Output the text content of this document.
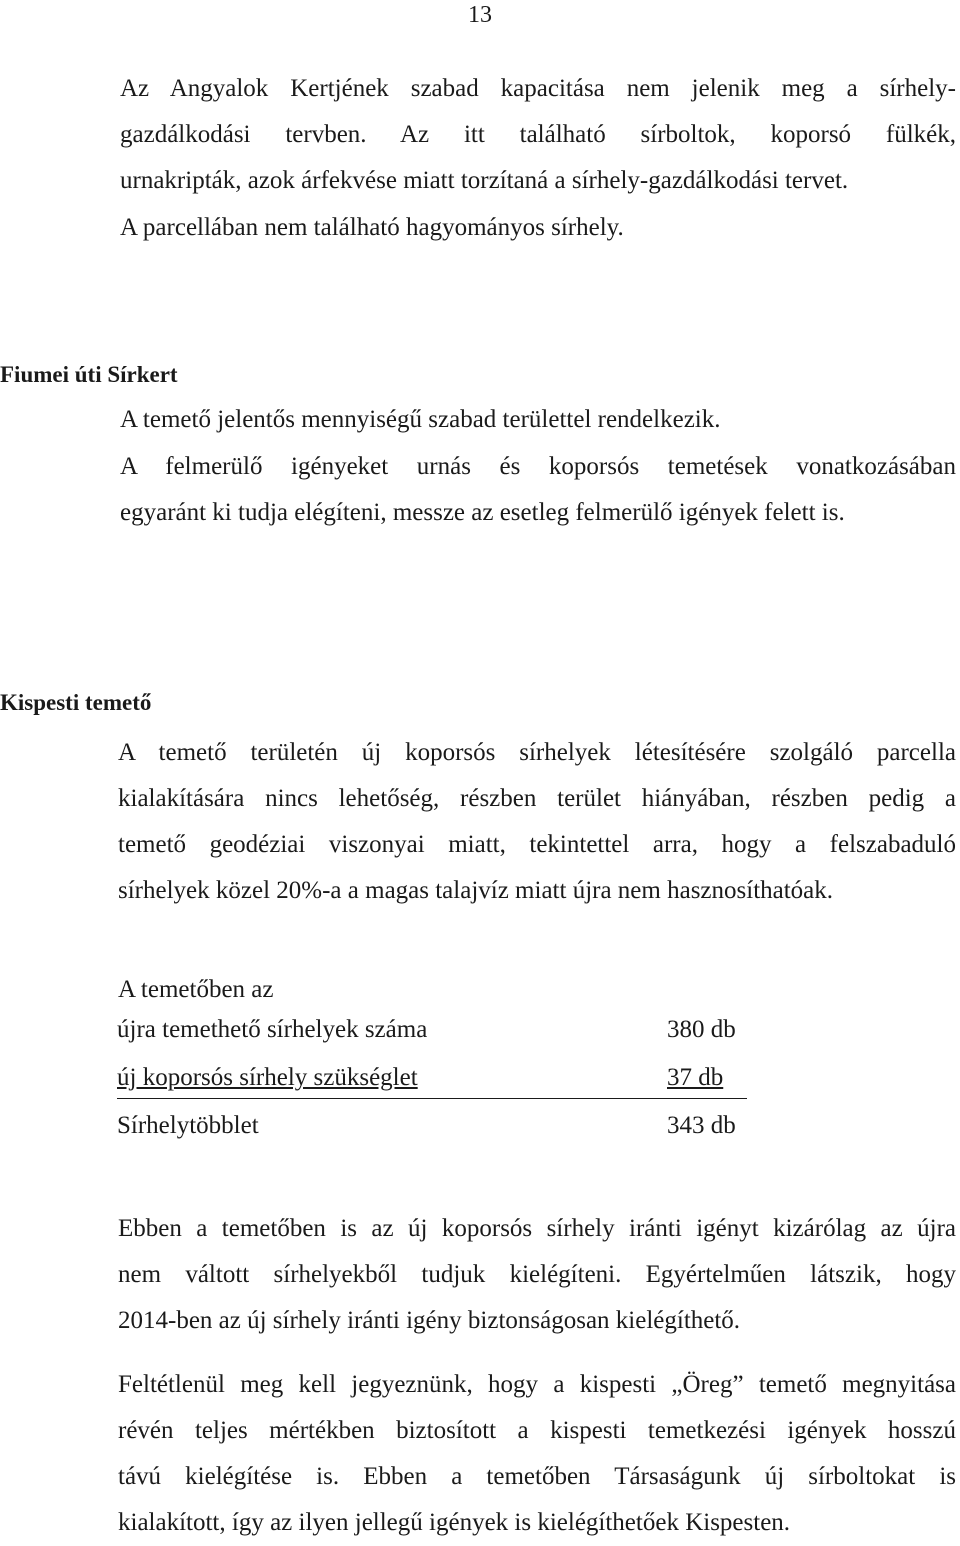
13
Az Angyalok Kertjének szabad kapacitása nem jelenik meg a sírhely-
gazdálkodási tervben. Az itt található sírboltok, koporsó fülkék,
urnakripták, azok árfekvése miatt torzítaná a sírhely-gazdálkodási tervet.
A parcellában nem található hagyományos sírhely.
Fiumei úti Sírkert
A temető jelentős mennyiségű szabad területtel rendelkezik.
A felmerülő igényeket urnás és koporsós temetések vonatkozásában
egyaránt ki tudja elégíteni, messze az esetleg felmerülő igények felett is.
Kispesti temető
A temető területén új koporsós sírhelyek létesítésére szolgáló parcella
kialakítására nincs lehetőség, részben terület hiányában, részben pedig a
temető geodéziai viszonyai miatt, tekintettel arra, hogy a felszabaduló
sírhelyek közel 20%-a a magas talajvíz miatt újra nem hasznosíthatóak.
A temetőben az
újra temethető sírhelyek száma	380 db
új koporsós sírhely szükséglet	37 db
Sírhelytöbblet	343 db
Ebben a temetőben is az új koporsós sírhely iránti igényt kizárólag az újra
nem váltott sírhelyekből tudjuk kielégíteni. Egyértelműen látszik, hogy
2014-ben az új sírhely iránti igény biztonságosan kielégíthető.
Feltétlenül meg kell jegyeznünk, hogy a kispesti „Öreg” temető megnyitása
révén teljes mértékben biztosított a kispesti temetkezési igények hosszú
távú kielégítése is. Ebben a temetőben Társaságunk új sírboltokat is
kialakított, így az ilyen jellegű igények is kielégíthetőek Kispesten.
